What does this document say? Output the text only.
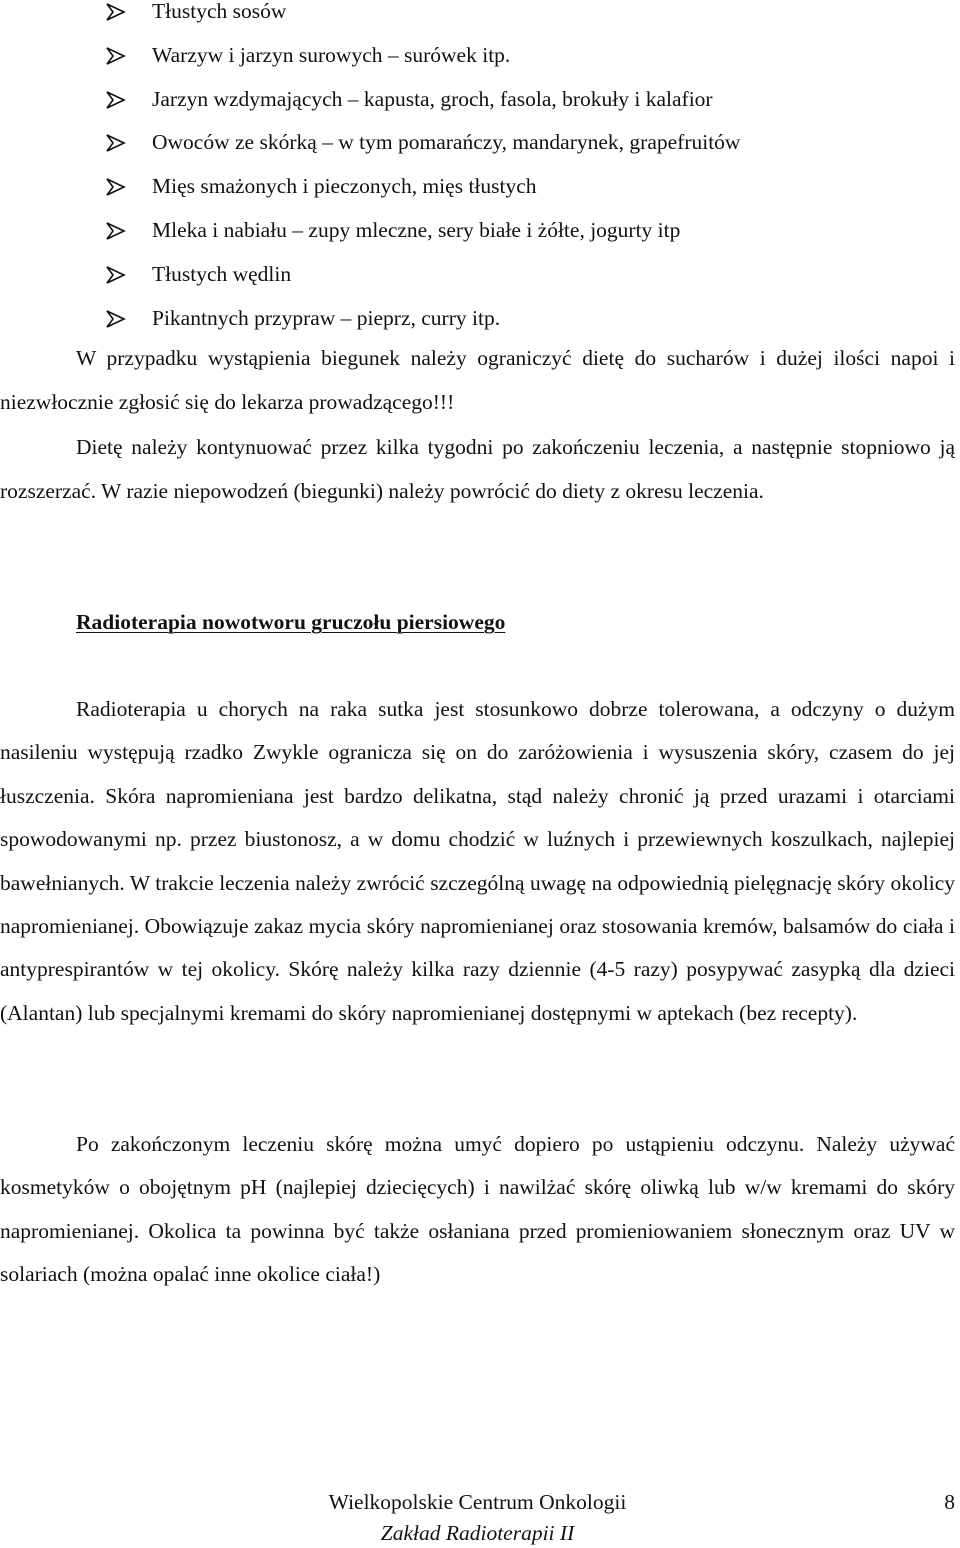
Tłustych sosów
Warzyw i jarzyn surowych – surówek itp.
Jarzyn wzdymających – kapusta, groch, fasola, brokuły i kalafior
Owoców ze skórką – w tym pomarańczy, mandarynek, grapefruitów
Mięs smażonych i pieczonych, mięs tłustych
Mleka i nabiału – zupy mleczne, sery białe i żółte, jogurty itp
Tłustych wędlin
Pikantnych przypraw – pieprz, curry itp.

W przypadku wystąpienia biegunek należy ograniczyć dietę do sucharów i dużej ilości napoi i niezwłocznie zgłosić się do lekarza prowadzącego!!!

Dietę należy kontynuować przez kilka tygodni po zakończeniu leczenia, a następnie stopniowo ją rozszerzać. W razie niepowodzeń (biegunki) należy powrócić do diety z okresu leczenia.

Radioterapia nowotworu gruczołu piersiowego

Radioterapia u chorych na raka sutka jest stosunkowo dobrze tolerowana, a odczyny o dużym nasileniu występują rzadko Zwykle ogranicza się on do zaróżowienia i wysuszenia skóry, czasem do jej łuszczenia. Skóra napromieniana jest bardzo delikatna, stąd należy chronić ją przed urazami i otarciami spowodowanymi np. przez biustonosz, a w domu chodzić w luźnych i przewiewnych koszulkach, najlepiej bawełnianych. W trakcie leczenia należy zwrócić szczególną uwagę na odpowiednią pielęgnację skóry okolicy napromienianej. Obowiązuje zakaz mycia skóry napromienianej oraz stosowania kremów, balsamów do ciała i antyprespirantów w tej okolicy. Skórę należy kilka razy dziennie (4-5 razy) posypywać zasypką dla dzieci (Alantan) lub specjalnymi kremami do skóry napromienianej dostępnymi w aptekach (bez recepty).

Po zakończonym leczeniu skórę można umyć dopiero po ustąpieniu odczynu. Należy używać kosmetyków o obojętnym pH (najlepiej dziecięcych) i nawilżać skórę oliwką lub w/w kremami do skóry napromienianej. Okolica ta powinna być także osłaniana przed promieniowaniem słonecznym oraz UV w solariach (można opalać inne okolice ciała!)

Wielkopolskie Centrum Onkologii
Zakład Radioterapii II
8
